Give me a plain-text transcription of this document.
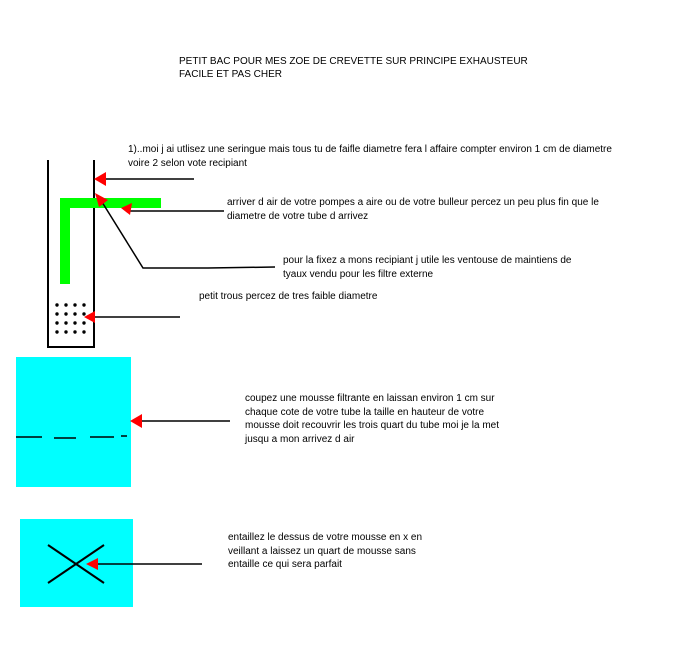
PETIT BAC POUR MES ZOE DE CREVETTE SUR PRINCIPE EXHAUSTEUR
FACILE ET PAS CHER
1)..moi j ai utlisez une seringue mais tous tu de faifle diametre fera l affaire compter environ 1 cm de diametre
voire 2 selon vote recipiant
arriver d air de votre pompes a aire ou de votre bulleur percez un peu plus fin que le
diametre de votre tube d arrivez
pour la fixez a mons recipiant j utile les ventouse de maintiens de
tyaux vendu pour les filtre externe
petit trous percez de tres faible diametre
coupez une mousse filtrante en laissan environ 1 cm sur
chaque cote de votre tube la taille en hauteur de votre
mousse doit recouvrir les trois quart du tube moi je la met
jusqu a mon arrivez d air
entaillez le dessus de votre mousse en x en
veillant a laissez un quart de mousse sans
entaille ce qui sera parfait
